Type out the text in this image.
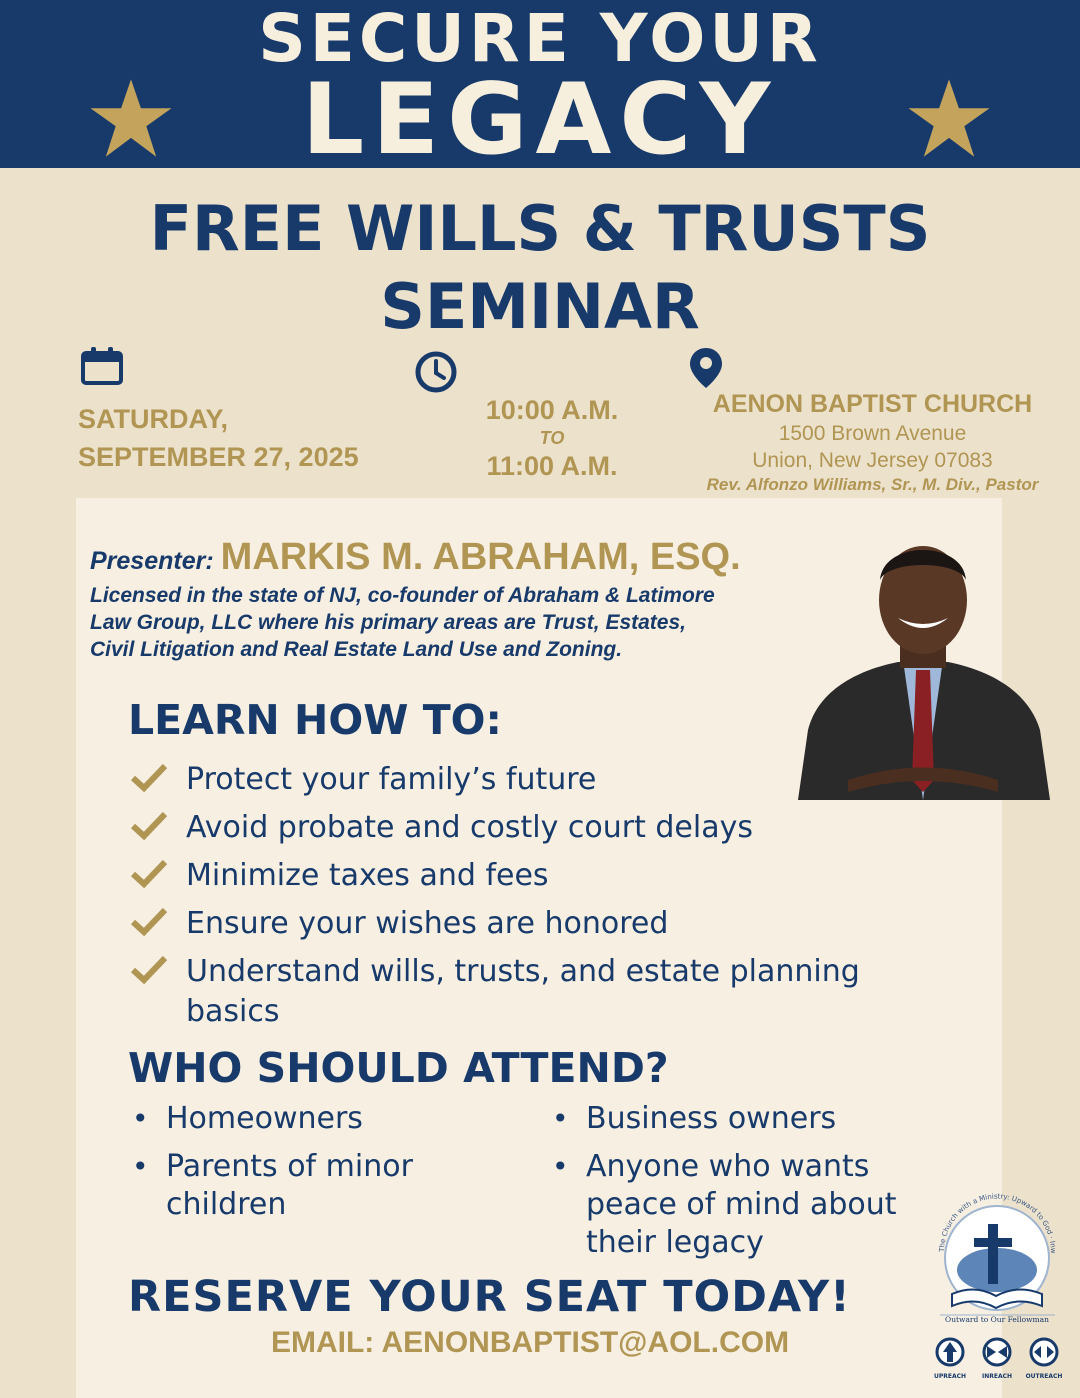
SECURE YOUR
LEGACY
FREE WILLS & TRUSTS
SEMINAR
SATURDAY,
SEPTEMBER 27, 2025
10:00 A.M.
TO
11:00 A.M.
AENON BAPTIST CHURCH
1500 Brown Avenue
Union, New Jersey 07083
Rev. Alfonzo Williams, Sr., M. Div., Pastor
Presenter: MARKIS M. ABRAHAM, ESQ.
Licensed in the state of NJ, co-founder of Abraham & Latimore
Law Group, LLC where his primary areas are Trust, Estates,
Civil Litigation and Real Estate Land Use and Zoning.
LEARN HOW TO:
Protect your family’s future
Avoid probate and costly court delays
Minimize taxes and fees
Ensure your wishes are honored
Understand wills, trusts, and estate planning basics
WHO SHOULD ATTEND?
• Homeowners
• Parents of minor children
• Business owners
• Anyone who wants peace of mind about their legacy
RESERVE YOUR SEAT TODAY!
EMAIL: AENONBAPTIST@AOL.COM
The Church with a Ministry: Upward to God · Inw
Outward to Our Fellowman
UPREACH	INREACH OUTREACH
